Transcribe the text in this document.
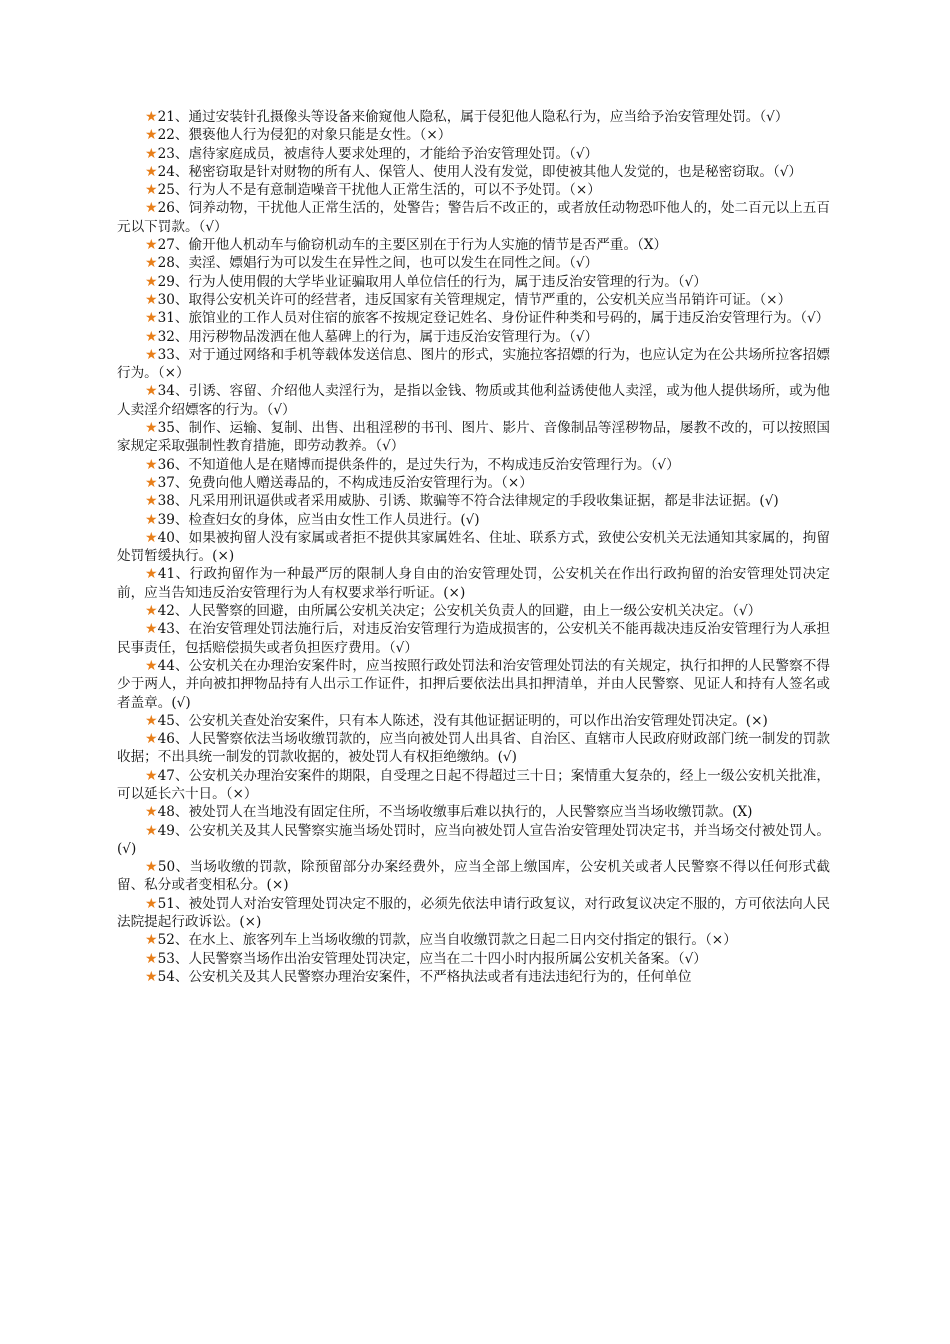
★21、通过安装针孔摄像头等设备来偷窥他人隐私，属于侵犯他人隐私行为，应当给予治安管理处罚。（√）

★22、猥亵他人行为侵犯的对象只能是女性。（×）

★23、虐待家庭成员，被虐待人要求处理的，才能给予治安管理处罚。（√）

★24、秘密窃取是针对财物的所有人、保管人、使用人没有发觉，即使被其他人发觉的，也是秘密窃取。（√）

★25、行为人不是有意制造噪音干扰他人正常生活的，可以不予处罚。（×）

★26、饲养动物，干扰他人正常生活的，处警告；警告后不改正的，或者放任动物恐吓他人的，处二百元以上五百元以下罚款。（√）

★27、偷开他人机动车与偷窃机动车的主要区别在于行为人实施的情节是否严重。（X）

★28、卖淫、嫖娼行为可以发生在异性之间，也可以发生在同性之间。（√）

★29、行为人使用假的大学毕业证骗取用人单位信任的行为，属于违反治安管理的行为。（√）

★30、取得公安机关许可的经营者，违反国家有关管理规定，情节严重的，公安机关应当吊销许可证。（×）

★31、旅馆业的工作人员对住宿的旅客不按规定登记姓名、身份证件种类和号码的，属于违反治安管理行为。（√）

★32、用污秽物品泼洒在他人墓碑上的行为，属于违反治安管理行为。（√）

★33、对于通过网络和手机等载体发送信息、图片的形式，实施拉客招嫖的行为，也应认定为在公共场所拉客招嫖行为。（×）

★34、引诱、容留、介绍他人卖淫行为，是指以金钱、物质或其他利益诱使他人卖淫，或为他人提供场所，或为他人卖淫介绍嫖客的行为。（√）

★35、制作、运输、复制、出售、出租淫秽的书刊、图片、影片、音像制品等淫秽物品，屡教不改的，可以按照国家规定采取强制性教育措施，即劳动教养。（√）

★36、不知道他人是在赌博而提供条件的，是过失行为，不构成违反治安管理行为。（√）

★37、免费向他人赠送毒品的，不构成违反治安管理行为。（×）

★38、凡采用刑讯逼供或者采用威胁、引诱、欺骗等不符合法律规定的手段收集证据，都是非法证据。(√)

★39、检查妇女的身体，应当由女性工作人员进行。(√)

★40、如果被拘留人没有家属或者拒不提供其家属姓名、住址、联系方式，致使公安机关无法通知其家属的，拘留处罚暂缓执行。(×)

★41、行政拘留作为一种最严厉的限制人身自由的治安管理处罚，公安机关在作出行政拘留的治安管理处罚决定前，应当告知违反治安管理行为人有权要求举行听证。(×)

★42、人民警察的回避，由所属公安机关决定；公安机关负责人的回避，由上一级公安机关决定。（√）

★43、在治安管理处罚法施行后，对违反治安管理行为造成损害的，公安机关不能再裁决违反治安管理行为人承担民事责任，包括赔偿损失或者负担医疗费用。（√）

★44、公安机关在办理治安案件时，应当按照行政处罚法和治安管理处罚法的有关规定，执行扣押的人民警察不得少于两人，并向被扣押物品持有人出示工作证件，扣押后要依法出具扣押清单，并由人民警察、见证人和持有人签名或者盖章。(√)

★45、公安机关查处治安案件，只有本人陈述，没有其他证据证明的，可以作出治安管理处罚决定。(×)

★46、人民警察依法当场收缴罚款的，应当向被处罚人出具省、自治区、直辖市人民政府财政部门统一制发的罚款收据；不出具统一制发的罚款收据的，被处罚人有权拒绝缴纳。(√)

★47、公安机关办理治安案件的期限，自受理之日起不得超过三十日；案情重大复杂的，经上一级公安机关批准，可以延长六十日。（×）

★48、被处罚人在当地没有固定住所，不当场收缴事后难以执行的，人民警察应当当场收缴罚款。(X)

★49、公安机关及其人民警察实施当场处罚时，应当向被处罚人宣告治安管理处罚决定书，并当场交付被处罚人。(√)

★50、当场收缴的罚款，除预留部分办案经费外，应当全部上缴国库，公安机关或者人民警察不得以任何形式截留、私分或者变相私分。(×)

★51、被处罚人对治安管理处罚决定不服的，必须先依法申请行政复议，对行政复议决定不服的，方可依法向人民法院提起行政诉讼。(×)

★52、在水上、旅客列车上当场收缴的罚款，应当自收缴罚款之日起二日内交付指定的银行。（×）

★53、人民警察当场作出治安管理处罚决定，应当在二十四小时内报所属公安机关备案。（√）

★54、公安机关及其人民警察办理治安案件，不严格执法或者有违法违纪行为的，任何单位
